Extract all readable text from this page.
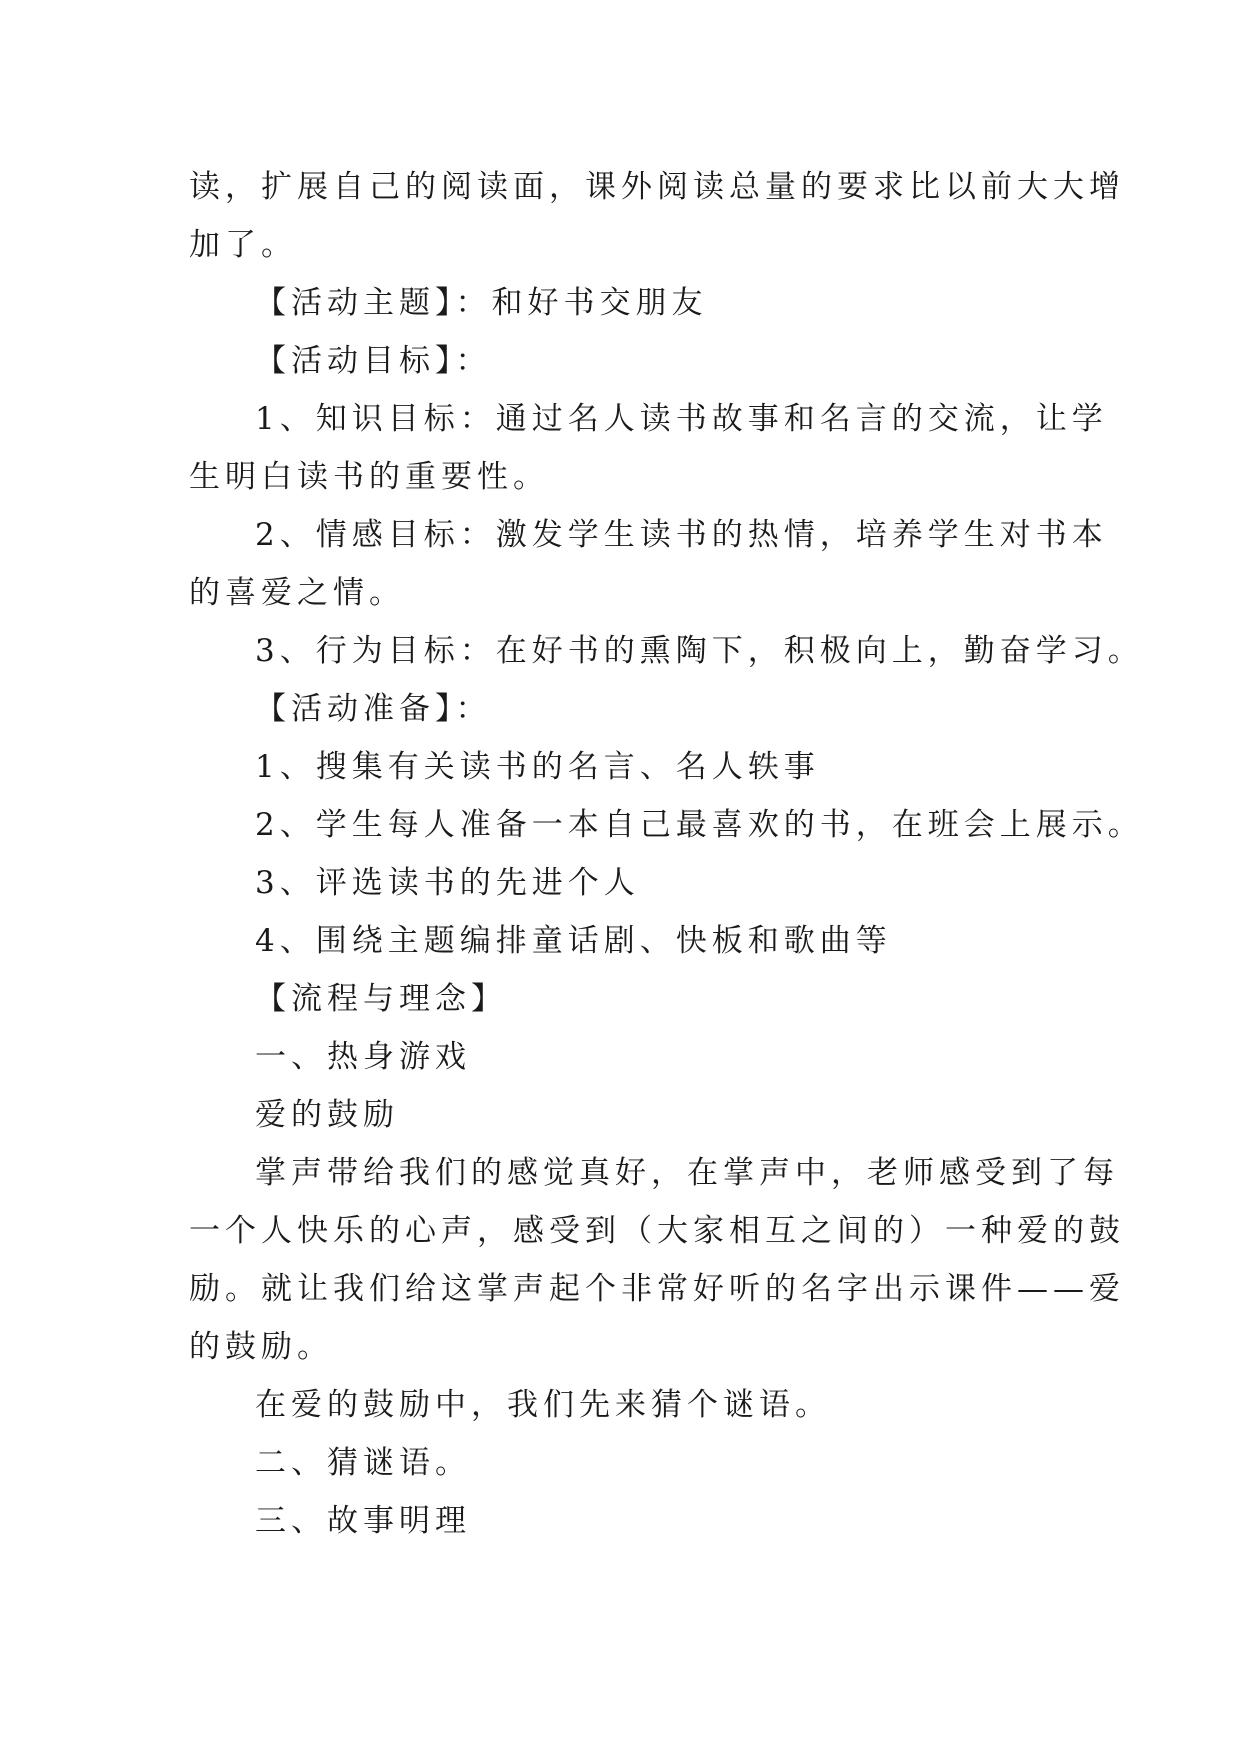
读，扩展自己的阅读面，课外阅读总量的要求比以前大大增
加了。
【活动主题】：和好书交朋友
【活动目标】：
1、知识目标：通过名人读书故事和名言的交流，让学
生明白读书的重要性。
2、情感目标：激发学生读书的热情，培养学生对书本
的喜爱之情。
3、行为目标：在好书的熏陶下，积极向上，勤奋学习。
【活动准备】：
1、搜集有关读书的名言、名人轶事
2、学生每人准备一本自己最喜欢的书，在班会上展示。
3、评选读书的先进个人
4、围绕主题编排童话剧、快板和歌曲等
【流程与理念】
一、热身游戏
爱的鼓励
掌声带给我们的感觉真好，在掌声中，老师感受到了每
一个人快乐的心声，感受到（大家相互之间的）一种爱的鼓
励。就让我们给这掌声起个非常好听的名字出示课件——爱
的鼓励。
在爱的鼓励中，我们先来猜个谜语。
二、猜谜语。
三、故事明理
